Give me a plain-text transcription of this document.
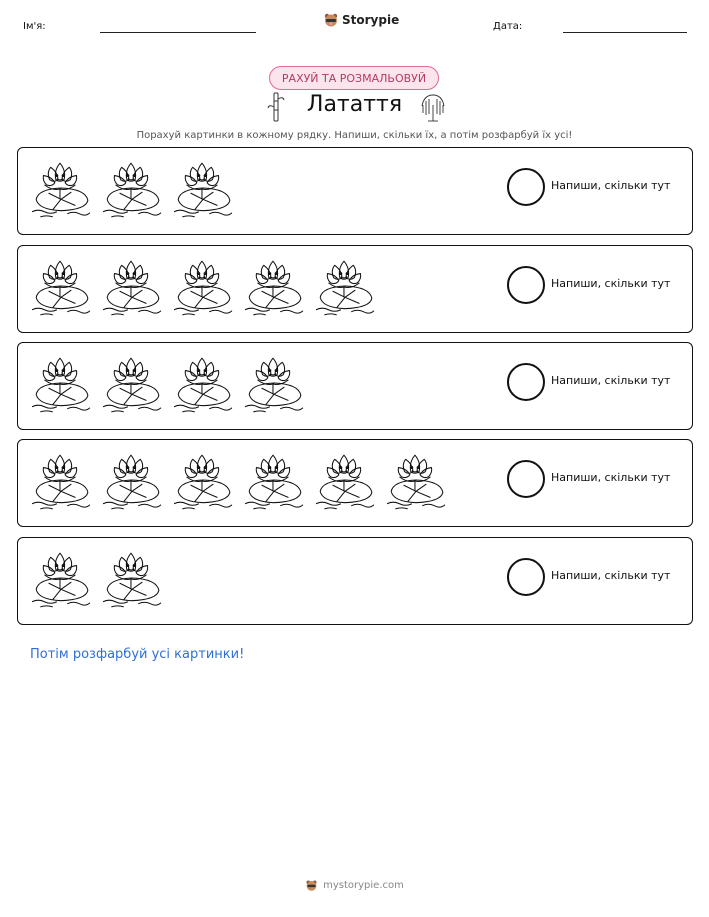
Ім'я:	Storypie	Дата:
РАХУЙ ТА РОЗМАЛЬОВУЙ
Латаття
Порахуй картинки в кожному рядку. Напиши, скільки їх, а потім розфарбуй їх усі!
Напиши, скільки тут
Напиши, скільки тут
Напиши, скільки тут
Напиши, скільки тут
Напиши, скільки тут
Потім розфарбуй усі картинки!
mystorypie.com
